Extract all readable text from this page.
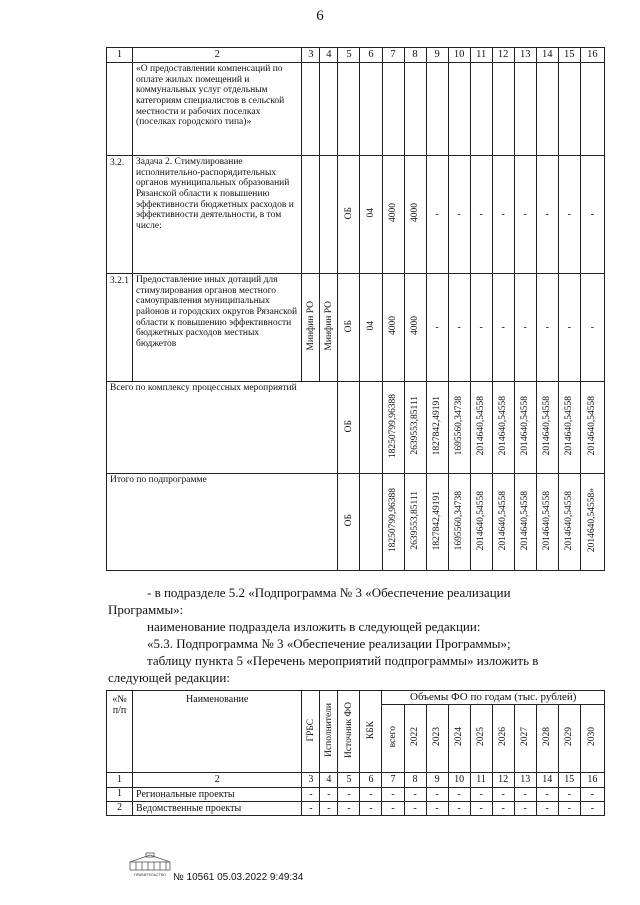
6
1	2	3	4	5	6	7	8	9	10	11	12	13	14	15	16
	«О предоставлении компенсаций по оплате жилых помещений и коммунальных услуг отдельным категориям специалистов в сельской местности и рабочих поселках (поселках городского типа)»														
3.2.	Задача 2. Стимулирование исполнительно-распорядительных органов муниципальных образований Рязанской области к повышению эффективности бюджетных расходов и эффективности деятельности, в том числе:			ОБ	04	4000	4000	-	-	-	-	-	-	-	-
3.2.1	Предоставление иных дотаций для стимулирования органов местного самоуправления муниципальных районов и городских округов Рязанской области к повышению эффективности бюджетных расходов местных бюджетов	Минфин РО	Минфин РО	ОБ	04	4000	4000	-	-	-	-	-	-	-	-
Всего по комплексу процессных мероприятий				ОБ		18250799,96388	2639553,85111	1827842,49191	1695560,34738	2014640,54558	2014640,54558	2014640,54558	2014640,54558	2014640,54558	2014640,54558
Итого по подпрограмме				ОБ		18250799,96388	2639553,85111	1827842,49191	1695560,34738	2014640,54558	2014640,54558	2014640,54558	2014640,54558	2014640,54558	2014640,54558»
- в подразделе 5.2 «Подпрограмма № 3 «Обеспечение реализации
Программы»:
наименование подраздела изложить в следующей редакции:
«5.3. Подпрограмма № 3 «Обеспечение реализации Программы»;
таблицу пункта 5 «Перечень мероприятий подпрограммы» изложить в
следующей редакции:
«№ п/п	Наименование	ГРБС	Исполнители	Источник ФО	КБК	Объемы ФО по годам (тыс. рублей)									
						всего	2022	2023	2024	2025	2026	2027	2028	2029	2030
1	2	3	4	5	6	7	8	9	10	11	12	13	14	15	16
1	Региональные проекты	-	-	-	-	-	-	-	-	-	-	-	-	-	-
2	Ведомственные проекты	-	-	-	-	-	-	-	-	-	-	-	-	-	-
ПРАВИТЕЛЬСТВО № 10561 05.03.2022 9:49:34
